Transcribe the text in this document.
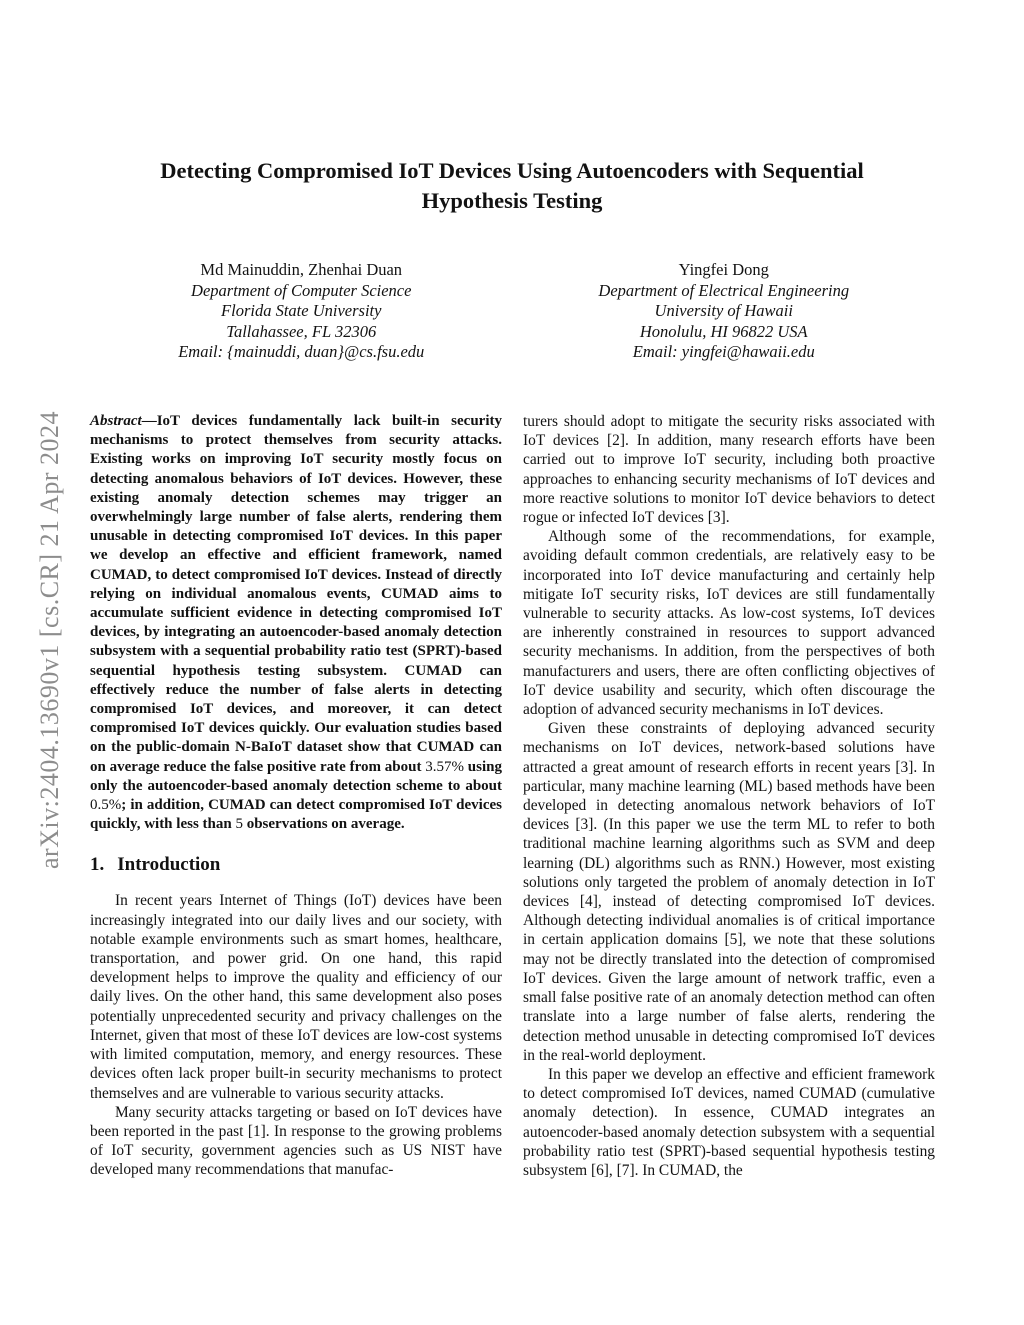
arXiv:2404.13690v1 [cs.CR] 21 Apr 2024
Detecting Compromised IoT Devices Using Autoencoders with Sequential
Hypothesis Testing
Md Mainuddin, Zhenhai Duan
Department of Computer Science
Florida State University
Tallahassee, FL 32306
Email: {mainuddi, duan}@cs.fsu.edu
Yingfei Dong
Department of Electrical Engineering
University of Hawaii
Honolulu, HI 96822 USA
Email: yingfei@hawaii.edu

Abstract—IoT devices fundamentally lack built-in security mechanisms to protect themselves from security attacks. Existing works on improving IoT security mostly focus on detecting anomalous behaviors of IoT devices. However, these existing anomaly detection schemes may trigger an overwhelmingly large number of false alerts, rendering them unusable in detecting compromised IoT devices. In this paper we develop an effective and efficient framework, named CUMAD, to detect compromised IoT devices. Instead of directly relying on individual anomalous events, CUMAD aims to accumulate sufficient evidence in detecting compromised IoT devices, by integrating an autoencoder-based anomaly detection subsystem with a sequential probability ratio test (SPRT)-based sequential hypothesis testing subsystem. CUMAD can effectively reduce the number of false alerts in detecting compromised IoT devices, and moreover, it can detect compromised IoT devices quickly. Our evaluation studies based on the public-domain N-BaIoT dataset show that CUMAD can on average reduce the false positive rate from about 3.57% using only the autoencoder-based anomaly detection scheme to about 0.5%; in addition, CUMAD can detect compromised IoT devices quickly, with less than 5 observations on average.

1. Introduction

In recent years Internet of Things (IoT) devices have been increasingly integrated into our daily lives and our society, with notable example environments such as smart homes, healthcare, transportation, and power grid. On one hand, this rapid development helps to improve the quality and efficiency of our daily lives. On the other hand, this same development also poses potentially unprecedented security and privacy challenges on the Internet, given that most of these IoT devices are low-cost systems with limited computation, memory, and energy resources. These devices often lack proper built-in security mechanisms to protect themselves and are vulnerable to various security attacks.

Many security attacks targeting or based on IoT devices have been reported in the past [1]. In response to the growing problems of IoT security, government agencies such as US NIST have developed many recommendations that manufac-

turers should adopt to mitigate the security risks associated with IoT devices [2]. In addition, many research efforts have been carried out to improve IoT security, including both proactive approaches to enhancing security mechanisms of IoT devices and more reactive solutions to monitor IoT device behaviors to detect rogue or infected IoT devices [3].

Although some of the recommendations, for example, avoiding default common credentials, are relatively easy to be incorporated into IoT device manufacturing and certainly help mitigate IoT security risks, IoT devices are still fundamentally vulnerable to security attacks. As low-cost systems, IoT devices are inherently constrained in resources to support advanced security mechanisms. In addition, from the perspectives of both manufacturers and users, there are often conflicting objectives of IoT device usability and security, which often discourage the adoption of advanced security mechanisms in IoT devices.

Given these constraints of deploying advanced security mechanisms on IoT devices, network-based solutions have attracted a great amount of research efforts in recent years [3]. In particular, many machine learning (ML) based methods have been developed in detecting anomalous network behaviors of IoT devices [3]. (In this paper we use the term ML to refer to both traditional machine learning algorithms such as SVM and deep learning (DL) algorithms such as RNN.) However, most existing solutions only targeted the problem of anomaly detection in IoT devices [4], instead of detecting compromised IoT devices. Although detecting individual anomalies is of critical importance in certain application domains [5], we note that these solutions may not be directly translated into the detection of compromised IoT devices. Given the large amount of network traffic, even a small false positive rate of an anomaly detection method can often translate into a large number of false alerts, rendering the detection method unusable in detecting compromised IoT devices in the real-world deployment.

In this paper we develop an effective and efficient framework to detect compromised IoT devices, named CUMAD (cumulative anomaly detection). In essence, CUMAD integrates an autoencoder-based anomaly detection subsystem with a sequential probability ratio test (SPRT)-based sequential hypothesis testing subsystem [6], [7]. In CUMAD, the
